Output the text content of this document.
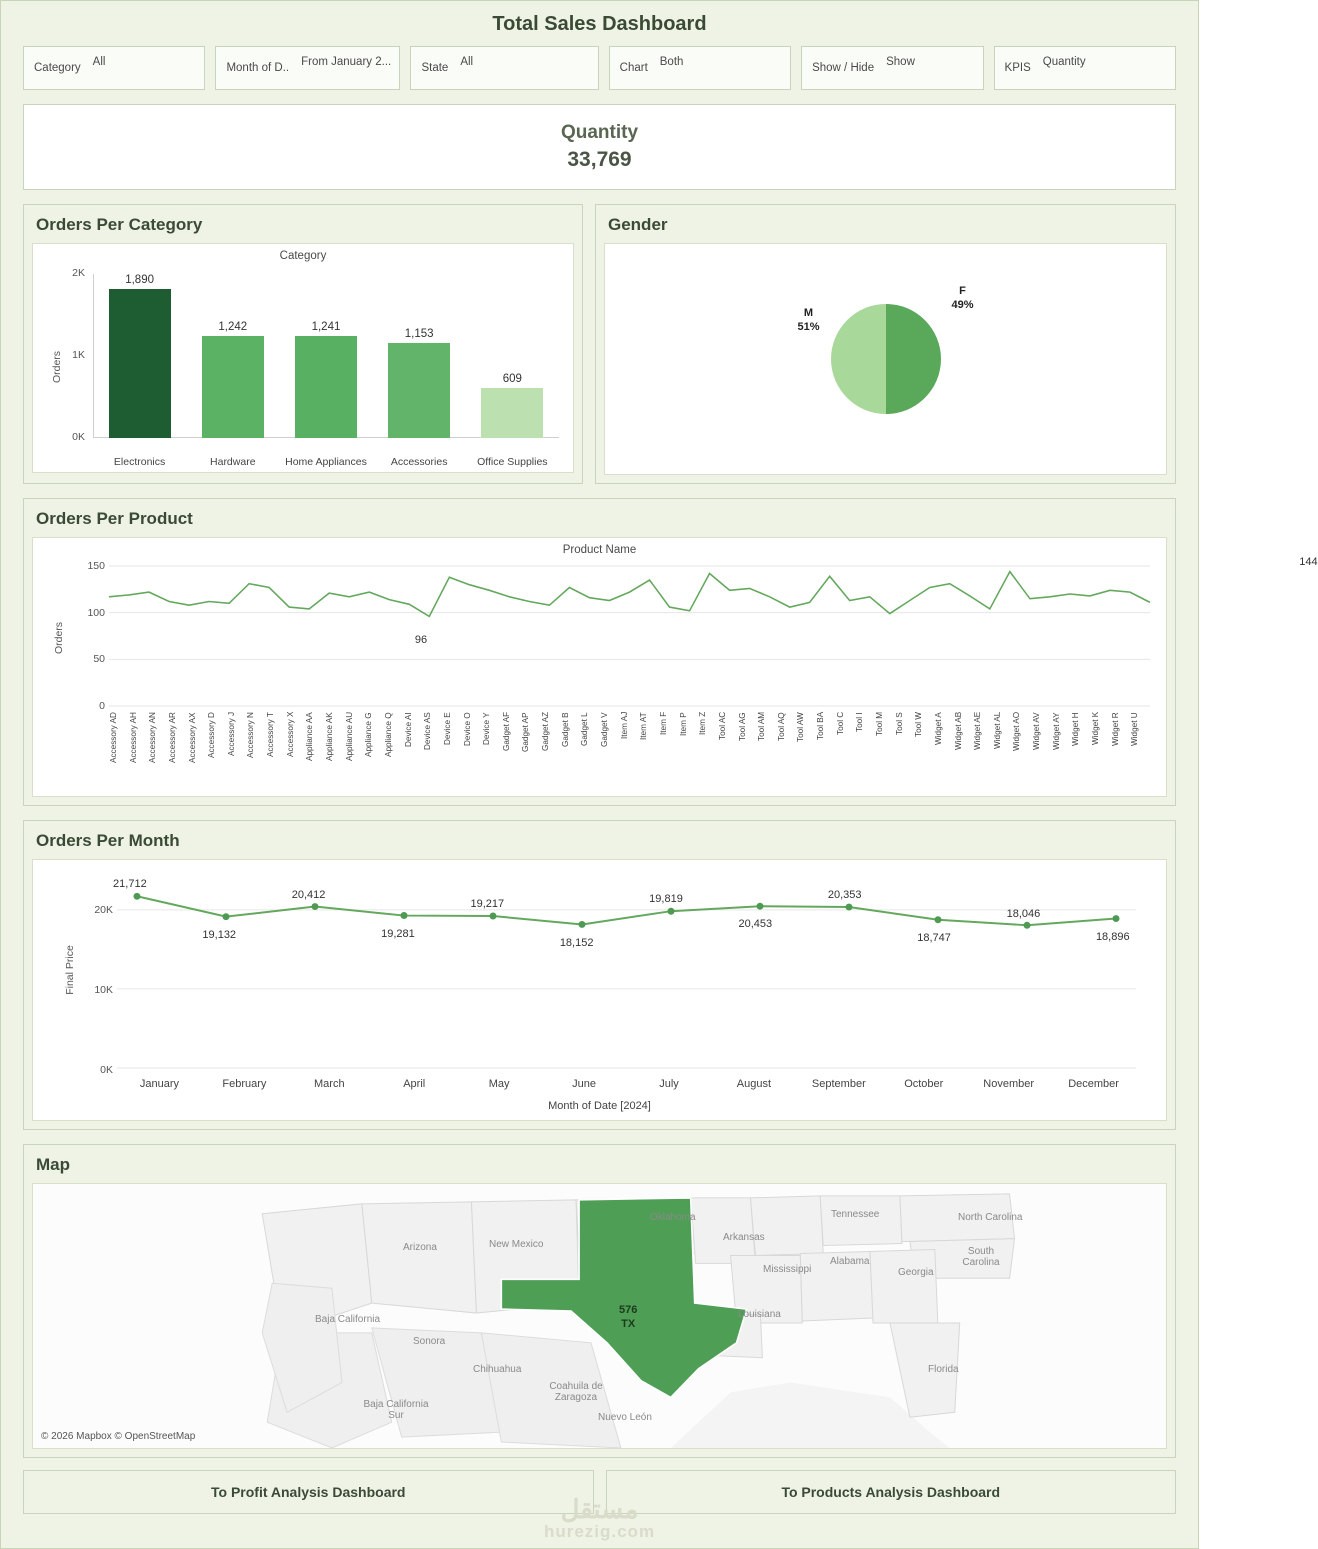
Total Sales Dashboard
Category All	Month of D.. From January 2...	State All	Chart Both	Show / Hide Show	KPIS Quantity
Quantity
33,769
Orders Per Category
Category
Orders
0K
1K
2K
1,890
1,242	1,241
1,153
609
Electronics	Hardware	Home Appliances	Accessories	Office Supplies
Gender
F
49%
M
51%
Orders Per Product
Product Name
Orders
0
50
100
150
Accessory AD	Accessory AH	Accessory AN	Accessory AR	Accessory AX	Accessory D	Accessory J	Accessory N	Accessory T	Accessory X	Appliance AA	Appliance AK	Appliance AU	Appliance G	Appliance Q	Device AI	Device AS	Device E	Device O	Device Y	Gadget AF	Gadget AP	Gadget AZ	Gadget B	Gadget L	Gadget V	Item AJ	Item AT	Item F	Item P	Item Z	Tool AC	Tool AG	Tool AM	Tool AQ	Tool AW	Tool BA	Tool C	Tool I	Tool M	Tool S	Tool W	Widget A	Widget AB	Widget AE	Widget AL	Widget AO	Widget AV	Widget AY	Widget H	Widget K	Widget R	Widget U
96
144
Orders Per Month
Final Price
0K
10K
20K
January	February	March	April	May	June	July	August	September	October	November	December
Month of Date [2024]
21,712
19,132
20,412
19,281
19,217
18,152
19,819
20,453
20,353
18,747
18,046
18,896
Map
576
TX
Arizona	New Mexico
Oklahoma
Arkansas
Tennessee	North Carolina
South Carolina
Mississippi
Alabama
Georgia
Louisiana
Florida
Baja California
Sonora
Chihuahua
Coahuila de Zaragoza
Nuevo León
Baja California Sur
© 2026 Mapbox © OpenStreetMap
To Profit Analysis Dashboard	To Products Analysis Dashboard
مستقل
hurezig.com
